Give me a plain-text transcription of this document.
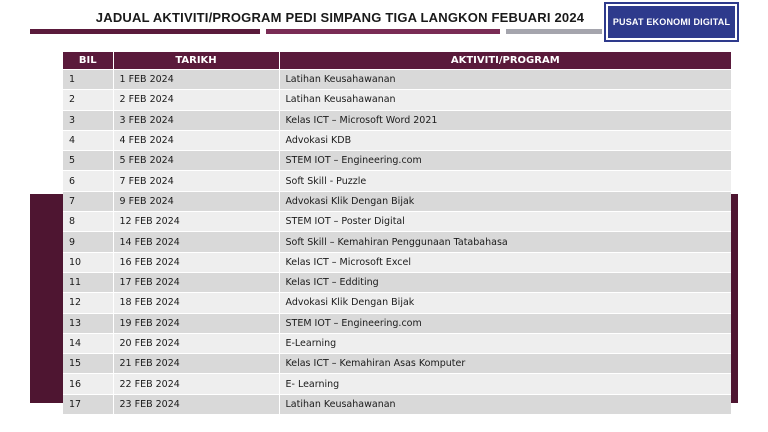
JADUAL AKTIVITI/PROGRAM PEDI SIMPANG TIGA LANGKON FEBUARI 2024	PUSAT EKONOMI DIGITAL
BIL	TARIKH	AKTIVITI/PROGRAM
1	1 FEB 2024	Latihan Keusahawanan
2	2 FEB 2024	Latihan Keusahawanan
3	3 FEB 2024	Kelas ICT – Microsoft Word 2021
4	4 FEB 2024	Advokasi KDB
5	5 FEB 2024	STEM IOT – Engineering.com
6	7 FEB 2024	Soft Skill - Puzzle
7	9 FEB 2024	Advokasi Klik Dengan Bijak
8	12 FEB 2024	STEM IOT – Poster Digital
9	14 FEB 2024	Soft Skill – Kemahiran Penggunaan Tatabahasa
10	16 FEB 2024	Kelas ICT – Microsoft Excel
11	17 FEB 2024	Kelas ICT – Edditing
12	18 FEB 2024	Advokasi Klik Dengan Bijak
13	19 FEB 2024	STEM IOT – Engineering.com
14	20 FEB 2024	E-Learning
15	21 FEB 2024	Kelas ICT – Kemahiran Asas Komputer
16	22 FEB 2024	E- Learning
17	23 FEB 2024	Latihan Keusahawanan
